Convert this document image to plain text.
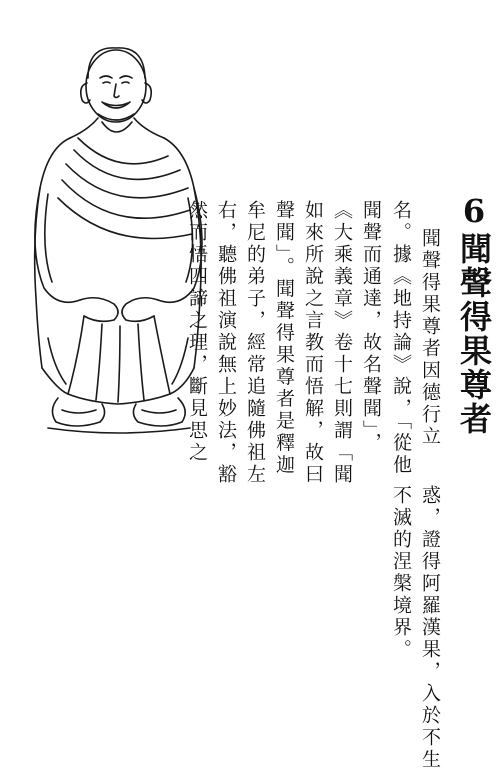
6聞聲得果尊者
聞聲得果尊者因德行立
名。據《地持論》說，「從他
聞聲而通達，故名聲聞」，
《大乘義章》卷十七則謂「聞
如來所說之言教而悟解，故曰
聲聞」。聞聲得果尊者是釋迦
牟尼的弟子，經常追隨佛祖左
右，聽佛祖演說無上妙法，豁
然而悟四諦之理，斷見思之
惑，證得阿羅漢果，入於不生
不滅的涅槃境界。
